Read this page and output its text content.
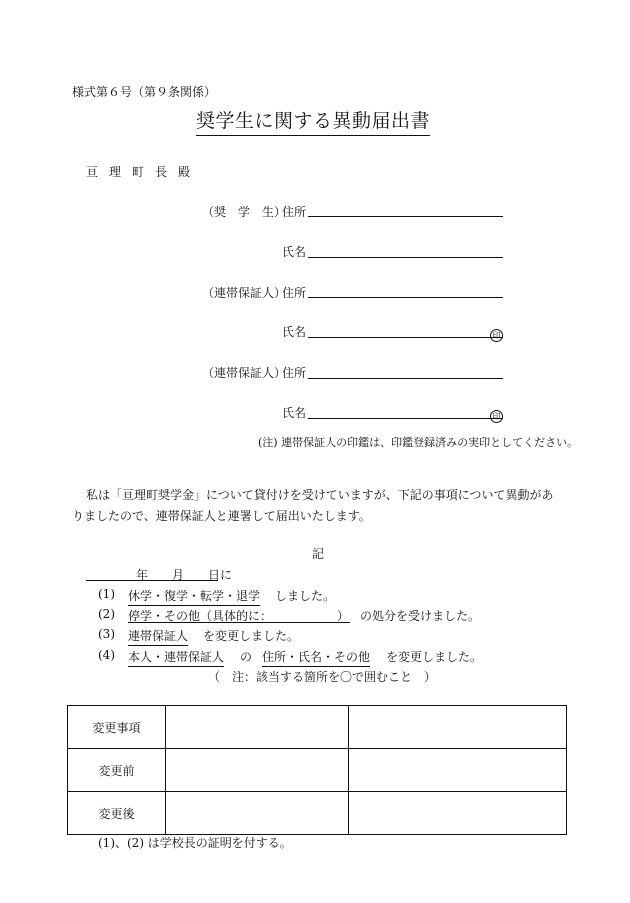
様式第６号（第９条関係）
奨学生に関する異動届出書
亘理町長殿
（奨　学　生）
住所
氏名
（連帯保証人）
住所
氏名	印
（連帯保証人）
住所
氏名	印
(注) 連帯保証人の印鑑は、印鑑登録済みの実印としてください。
私は「亘理町奨学金」について貸付けを受けていますが、下記の事項について異動があ
りましたので、連帯保証人と連署して届出いたします。
記
年 月 日に
(1) 休学・復学・転学・退学 しました。
(2) 停学・その他（具体的に：	） の処分を受けました。
(3) 連帯保証人 を変更しました。
(4) 本人・連帯保証人 の 住所・氏名・その他 を変更しました。
（　注：該当する箇所を〇で囲むこと　）
変更事項		
変更前		
変更後		
(1)、(2) は学校長の証明を付する。
